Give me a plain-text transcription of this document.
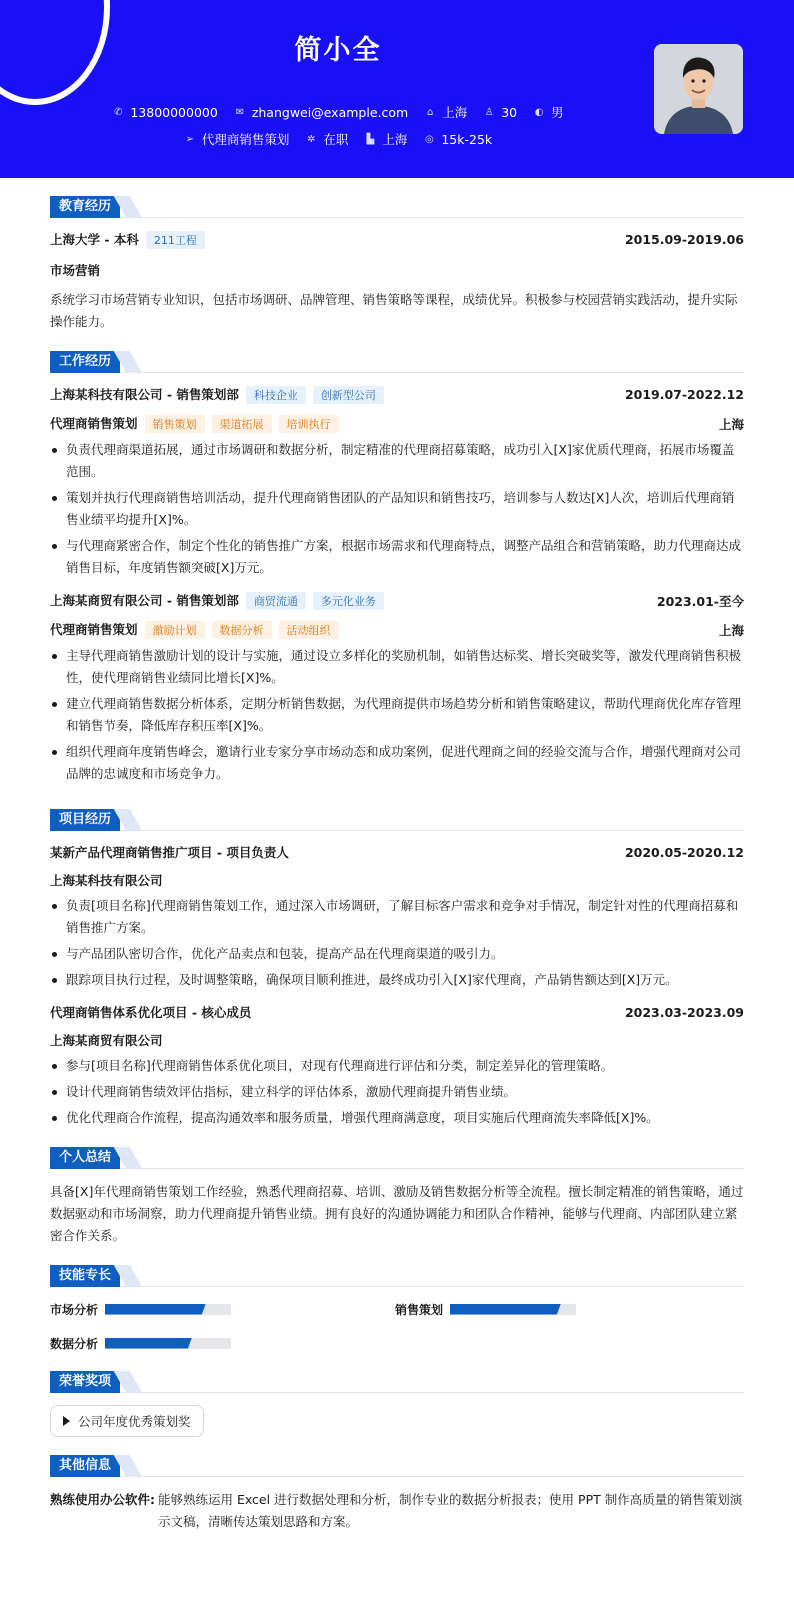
简小全
✆ 13800000000 ✉ zhangwei@example.com ⌂ 上海 ♙ 30 ◐ 男
➢ 代理商销售策划 ✲ 在职 ▙ 上海 ◎ 15k-25k
教育经历
上海大学 - 本科 211工程	2015.09-2019.06
市场营销
系统学习市场营销专业知识，包括市场调研、品牌管理、销售策略等课程，成绩优异。积极参与校园营销实践活动，提升实际操作能力。
工作经历
上海某科技有限公司 - 销售策划部 科技企业 创新型公司	2019.07-2022.12
代理商销售策划 销售策划 渠道拓展 培训执行	上海
负责代理商渠道拓展，通过市场调研和数据分析，制定精准的代理商招募策略，成功引入[X]家优质代理商，拓展市场覆盖范围。
策划并执行代理商销售培训活动，提升代理商销售团队的产品知识和销售技巧，培训参与人数达[X]人次，培训后代理商销售业绩平均提升[X]%。
与代理商紧密合作，制定个性化的销售推广方案，根据市场需求和代理商特点，调整产品组合和营销策略，助力代理商达成销售目标，年度销售额突破[X]万元。
上海某商贸有限公司 - 销售策划部 商贸流通 多元化业务	2023.01-至今
代理商销售策划 激励计划 数据分析 活动组织	上海
主导代理商销售激励计划的设计与实施，通过设立多样化的奖励机制，如销售达标奖、增长突破奖等，激发代理商销售积极性，使代理商销售业绩同比增长[X]%。
建立代理商销售数据分析体系，定期分析销售数据，为代理商提供市场趋势分析和销售策略建议，帮助代理商优化库存管理和销售节奏，降低库存积压率[X]%。
组织代理商年度销售峰会，邀请行业专家分享市场动态和成功案例，促进代理商之间的经验交流与合作，增强代理商对公司品牌的忠诚度和市场竞争力。
项目经历
某新产品代理商销售推广项目 - 项目负责人	2020.05-2020.12
上海某科技有限公司
负责[项目名称]代理商销售策划工作，通过深入市场调研，了解目标客户需求和竞争对手情况，制定针对性的代理商招募和销售推广方案。
与产品团队密切合作，优化产品卖点和包装，提高产品在代理商渠道的吸引力。
跟踪项目执行过程，及时调整策略，确保项目顺利推进，最终成功引入[X]家代理商，产品销售额达到[X]万元。
代理商销售体系优化项目 - 核心成员	2023.03-2023.09
上海某商贸有限公司
参与[项目名称]代理商销售体系优化项目，对现有代理商进行评估和分类，制定差异化的管理策略。
设计代理商销售绩效评估指标，建立科学的评估体系，激励代理商提升销售业绩。
优化代理商合作流程，提高沟通效率和服务质量，增强代理商满意度，项目实施后代理商流失率降低[X]%。
个人总结
具备[X]年代理商销售策划工作经验，熟悉代理商招募、培训、激励及销售数据分析等全流程。擅长制定精准的销售策略，通过数据驱动和市场洞察，助力代理商提升销售业绩。拥有良好的沟通协调能力和团队合作精神，能够与代理商、内部团队建立紧密合作关系。
技能专长
市场分析	销售策划
数据分析
荣誉奖项
公司年度优秀策划奖
其他信息
熟练使用办公软件: 能够熟练运用 Excel 进行数据处理和分析，制作专业的数据分析报表；使用 PPT 制作高质量的销售策划演示文稿，清晰传达策划思路和方案。
